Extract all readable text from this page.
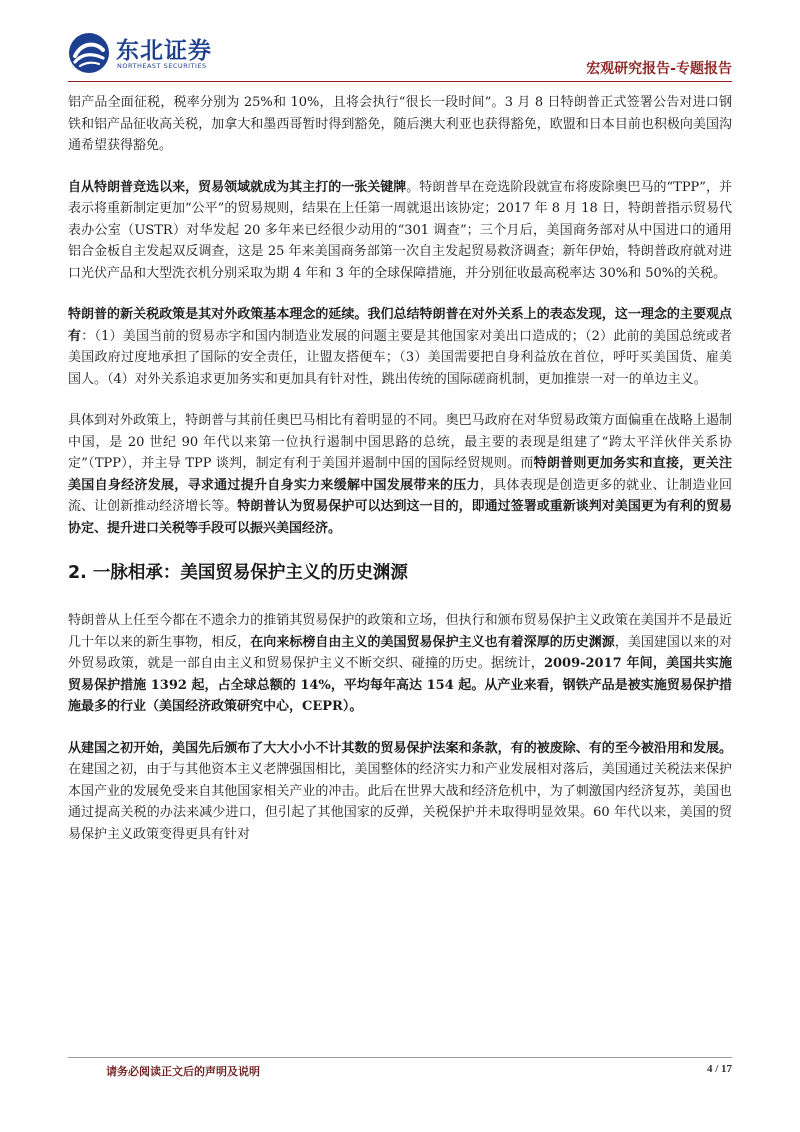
东北证券
NORTHEAST SECURITIES	宏观研究报告-专题报告

铝产品全面征税，税率分别为 25%和 10%，且将会执行“很长一段时间”。3 月 8 日特朗普正式签署公告对进口钢铁和铝产品征收高关税，加拿大和墨西哥暂时得到豁免，随后澳大利亚也获得豁免，欧盟和日本目前也积极向美国沟通希望获得豁免。

自从特朗普竞选以来，贸易领域就成为其主打的一张关键牌。特朗普早在竞选阶段就宣布将废除奥巴马的“TPP”，并表示将重新制定更加“公平”的贸易规则，结果在上任第一周就退出该协定；2017 年 8 月 18 日，特朗普指示贸易代表办公室（USTR）对华发起 20 多年来已经很少动用的“301 调查”；三个月后，美国商务部对从中国进口的通用铝合金板自主发起双反调查，这是 25 年来美国商务部第一次自主发起贸易救济调查；新年伊始，特朗普政府就对进口光伏产品和大型洗衣机分别采取为期 4 年和 3 年的全球保障措施，并分别征收最高税率达 30%和 50%的关税。

特朗普的新关税政策是其对外政策基本理念的延续。我们总结特朗普在对外关系上的表态发现，这一理念的主要观点有：（1）美国当前的贸易赤字和国内制造业发展的问题主要是其他国家对美出口造成的；（2）此前的美国总统或者美国政府过度地承担了国际的安全责任，让盟友搭便车；（3）美国需要把自身利益放在首位，呼吁买美国货、雇美国人。（4）对外关系追求更加务实和更加具有针对性，跳出传统的国际磋商机制，更加推崇一对一的单边主义。

具体到对外政策上，特朗普与其前任奥巴马相比有着明显的不同。奥巴马政府在对华贸易政策方面偏重在战略上遏制中国，是 20 世纪 90 年代以来第一位执行遏制中国思路的总统，最主要的表现是组建了“跨太平洋伙伴关系协定”（TPP），并主导 TPP 谈判，制定有利于美国并遏制中国的国际经贸规则。而特朗普则更加务实和直接，更关注美国自身经济发展，寻求通过提升自身实力来缓解中国发展带来的压力，具体表现是创造更多的就业、让制造业回流、让创新推动经济增长等。特朗普认为贸易保护可以达到这一目的，即通过签署或重新谈判对美国更为有利的贸易协定、提升进口关税等手段可以振兴美国经济。

2. 一脉相承：美国贸易保护主义的历史渊源

特朗普从上任至今都在不遗余力的推销其贸易保护的政策和立场，但执行和颁布贸易保护主义政策在美国并不是最近几十年以来的新生事物，相反，在向来标榜自由主义的美国贸易保护主义也有着深厚的历史渊源，美国建国以来的对外贸易政策，就是一部自由主义和贸易保护主义不断交织、碰撞的历史。据统计，2009-2017 年间，美国共实施贸易保护措施 1392 起，占全球总额的 14%，平均每年高达 154 起。从产业来看，钢铁产品是被实施贸易保护措施最多的行业（美国经济政策研究中心，CEPR）。

从建国之初开始，美国先后颁布了大大小小不计其数的贸易保护法案和条款，有的被废除、有的至今被沿用和发展。在建国之初，由于与其他资本主义老牌强国相比，美国整体的经济实力和产业发展相对落后，美国通过关税法来保护本国产业的发展免受来自其他国家相关产业的冲击。此后在世界大战和经济危机中，为了刺激国内经济复苏，美国也通过提高关税的办法来减少进口，但引起了其他国家的反弹，关税保护并未取得明显效果。60 年代以来，美国的贸易保护主义政策变得更具有针对

请务必阅读正文后的声明及说明	4 / 17
